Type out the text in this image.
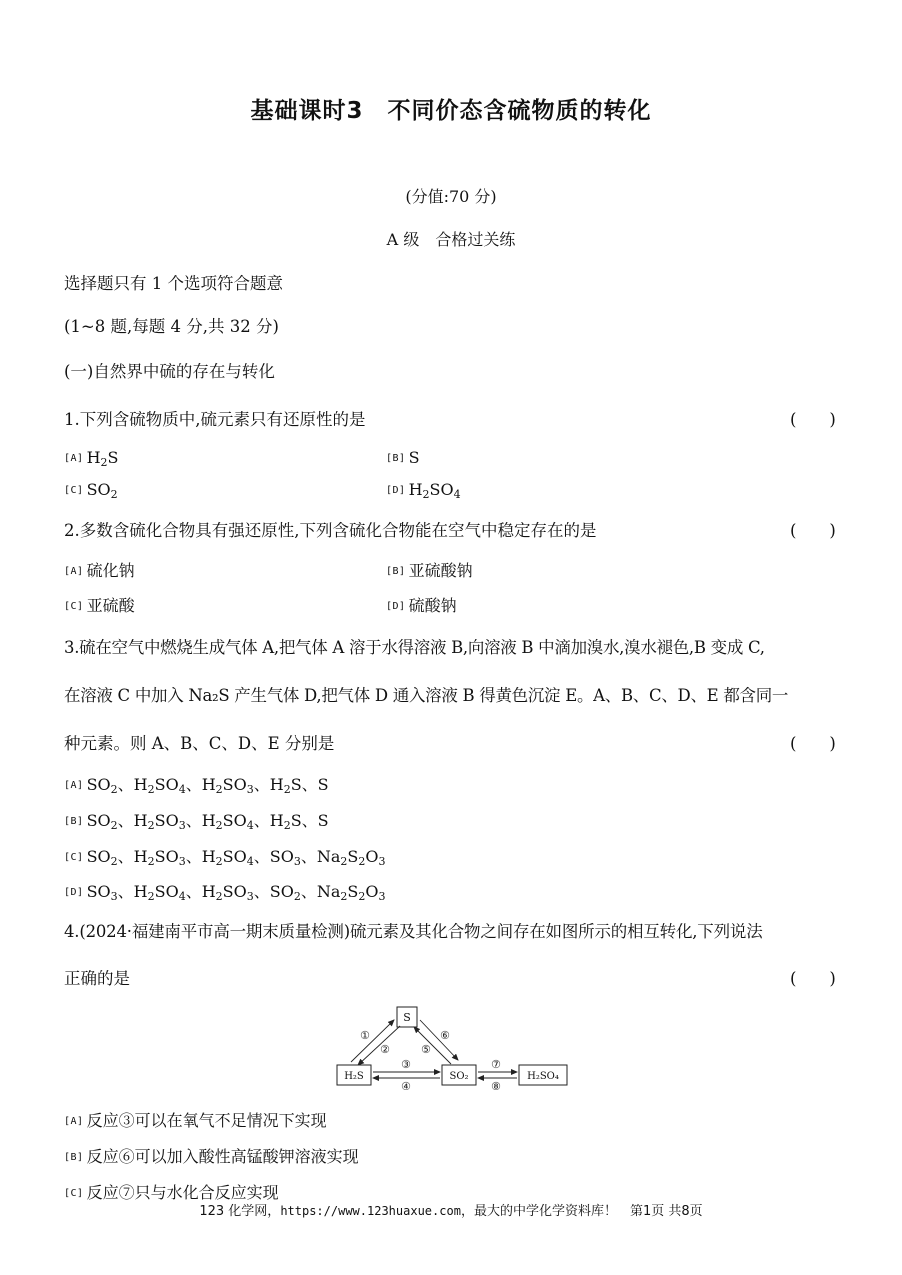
基础课时3　不同价态含硫物质的转化
(分值:70 分)
A 级　合格过关练
选择题只有 1 个选项符合题意
(1~8 题,每题 4 分,共 32 分)
(一)自然界中硫的存在与转化
1.下列含硫物质中,硫元素只有还原性的是	(　　)
[A] $H_2S$	[B] S
[C] $SO_2$	[D] $H_2SO_4$
2.多数含硫化合物具有强还原性,下列含硫化合物能在空气中稳定存在的是	(　　)
[A] 硫化钠	[B] 亚硫酸钠
[C] 亚硫酸	[D] 硫酸钠
3.硫在空气中燃烧生成气体 A,把气体 A 溶于水得溶液 B,向溶液 B 中滴加溴水,溴水褪色,B 变成 C,
在溶液 C 中加入 Na₂S 产生气体 D,把气体 D 通入溶液 B 得黄色沉淀 E。A、B、C、D、E 都含同一
种元素。则 A、B、C、D、E 分别是	(　　)
[A] $SO_2$、$H_2SO_4$、$H_2SO_3$、$H_2S$、S
[B] $SO_2$、$H_2SO_3$、$H_2SO_4$、$H_2S$、S
[C] $SO_2$、$H_2SO_3$、$H_2SO_4$、$SO_3$、$Na_2S_2O_3$
[D] $SO_3$、$H_2SO_4$、$H_2SO_3$、$SO_2$、$Na_2S_2O_3$
4.(2024·福建南平市高一期末质量检测)硫元素及其化合物之间存在如图所示的相互转化,下列说法
正确的是	(　　)
S
H₂S	SO₂	H₂SO₄
①
②
③
④
⑤
⑥
⑦
⑧
[A] 反应③可以在氧气不足情况下实现
[B] 反应⑥可以加入酸性高锰酸钾溶液实现
[C] 反应⑦只与水化合反应实现
123 化学网，https://www.123huaxue.com，最大的中学化学资料库！　第1页 共8页
